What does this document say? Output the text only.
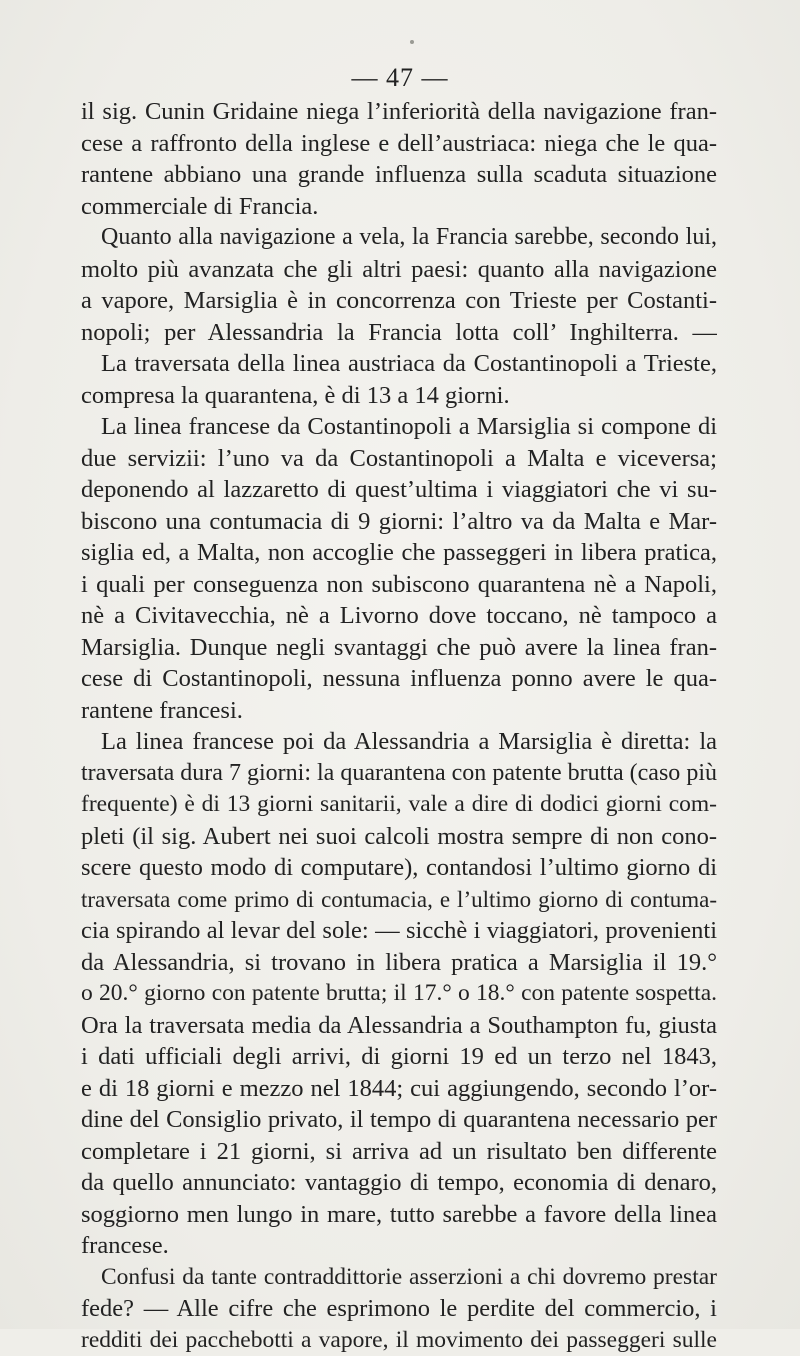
— 47 —
il sig. Cunin Gridaine niega l’inferiorità della navigazione fran-
cese a raffronto della inglese e dell’austriaca: niega che le qua-
rantene abbiano una grande influenza sulla scaduta situazione
commerciale di Francia.
Quanto alla navigazione a vela, la Francia sarebbe, secondo lui,
molto più avanzata che gli altri paesi: quanto alla navigazione
a vapore, Marsiglia è in concorrenza con Trieste per Costanti-
nopoli; per Alessandria la Francia lotta coll’ Inghilterra. —
La traversata della linea austriaca da Costantinopoli a Trieste,
compresa la quarantena, è di 13 a 14 giorni.
La linea francese da Costantinopoli a Marsiglia si compone di
due servizii: l’uno va da Costantinopoli a Malta e viceversa;
deponendo al lazzaretto di quest’ultima i viaggiatori che vi su-
biscono una contumacia di 9 giorni: l’altro va da Malta e Mar-
siglia ed, a Malta, non accoglie che passeggeri in libera pratica,
i quali per conseguenza non subiscono quarantena nè a Napoli,
nè a Civitavecchia, nè a Livorno dove toccano, nè tampoco a
Marsiglia. Dunque negli svantaggi che può avere la linea fran-
cese di Costantinopoli, nessuna influenza ponno avere le qua-
rantene francesi.
La linea francese poi da Alessandria a Marsiglia è diretta: la
traversata dura 7 giorni: la quarantena con patente brutta (caso più
frequente) è di 13 giorni sanitarii, vale a dire di dodici giorni com-
pleti (il sig. Aubert nei suoi calcoli mostra sempre di non cono-
scere questo modo di computare), contandosi l’ultimo giorno di
traversata come primo di contumacia, e l’ultimo giorno di contuma-
cia spirando al levar del sole: — sicchè i viaggiatori, provenienti
da Alessandria, si trovano in libera pratica a Marsiglia il 19.°
o 20.° giorno con patente brutta; il 17.° o 18.° con patente sospetta.
Ora la traversata media da Alessandria a Southampton fu, giusta
i dati ufficiali degli arrivi, di giorni 19 ed un terzo nel 1843,
e di 18 giorni e mezzo nel 1844; cui aggiungendo, secondo l’or-
dine del Consiglio privato, il tempo di quarantena necessario per
completare i 21 giorni, si arriva ad un risultato ben differente
da quello annunciato: vantaggio di tempo, economia di denaro,
soggiorno men lungo in mare, tutto sarebbe a favore della linea
francese.
Confusi da tante contraddittorie asserzioni a chi dovremo prestar
fede? — Alle cifre che esprimono le perdite del commercio, i
redditi dei pacchebotti a vapore, il movimento dei passeggeri sulle
